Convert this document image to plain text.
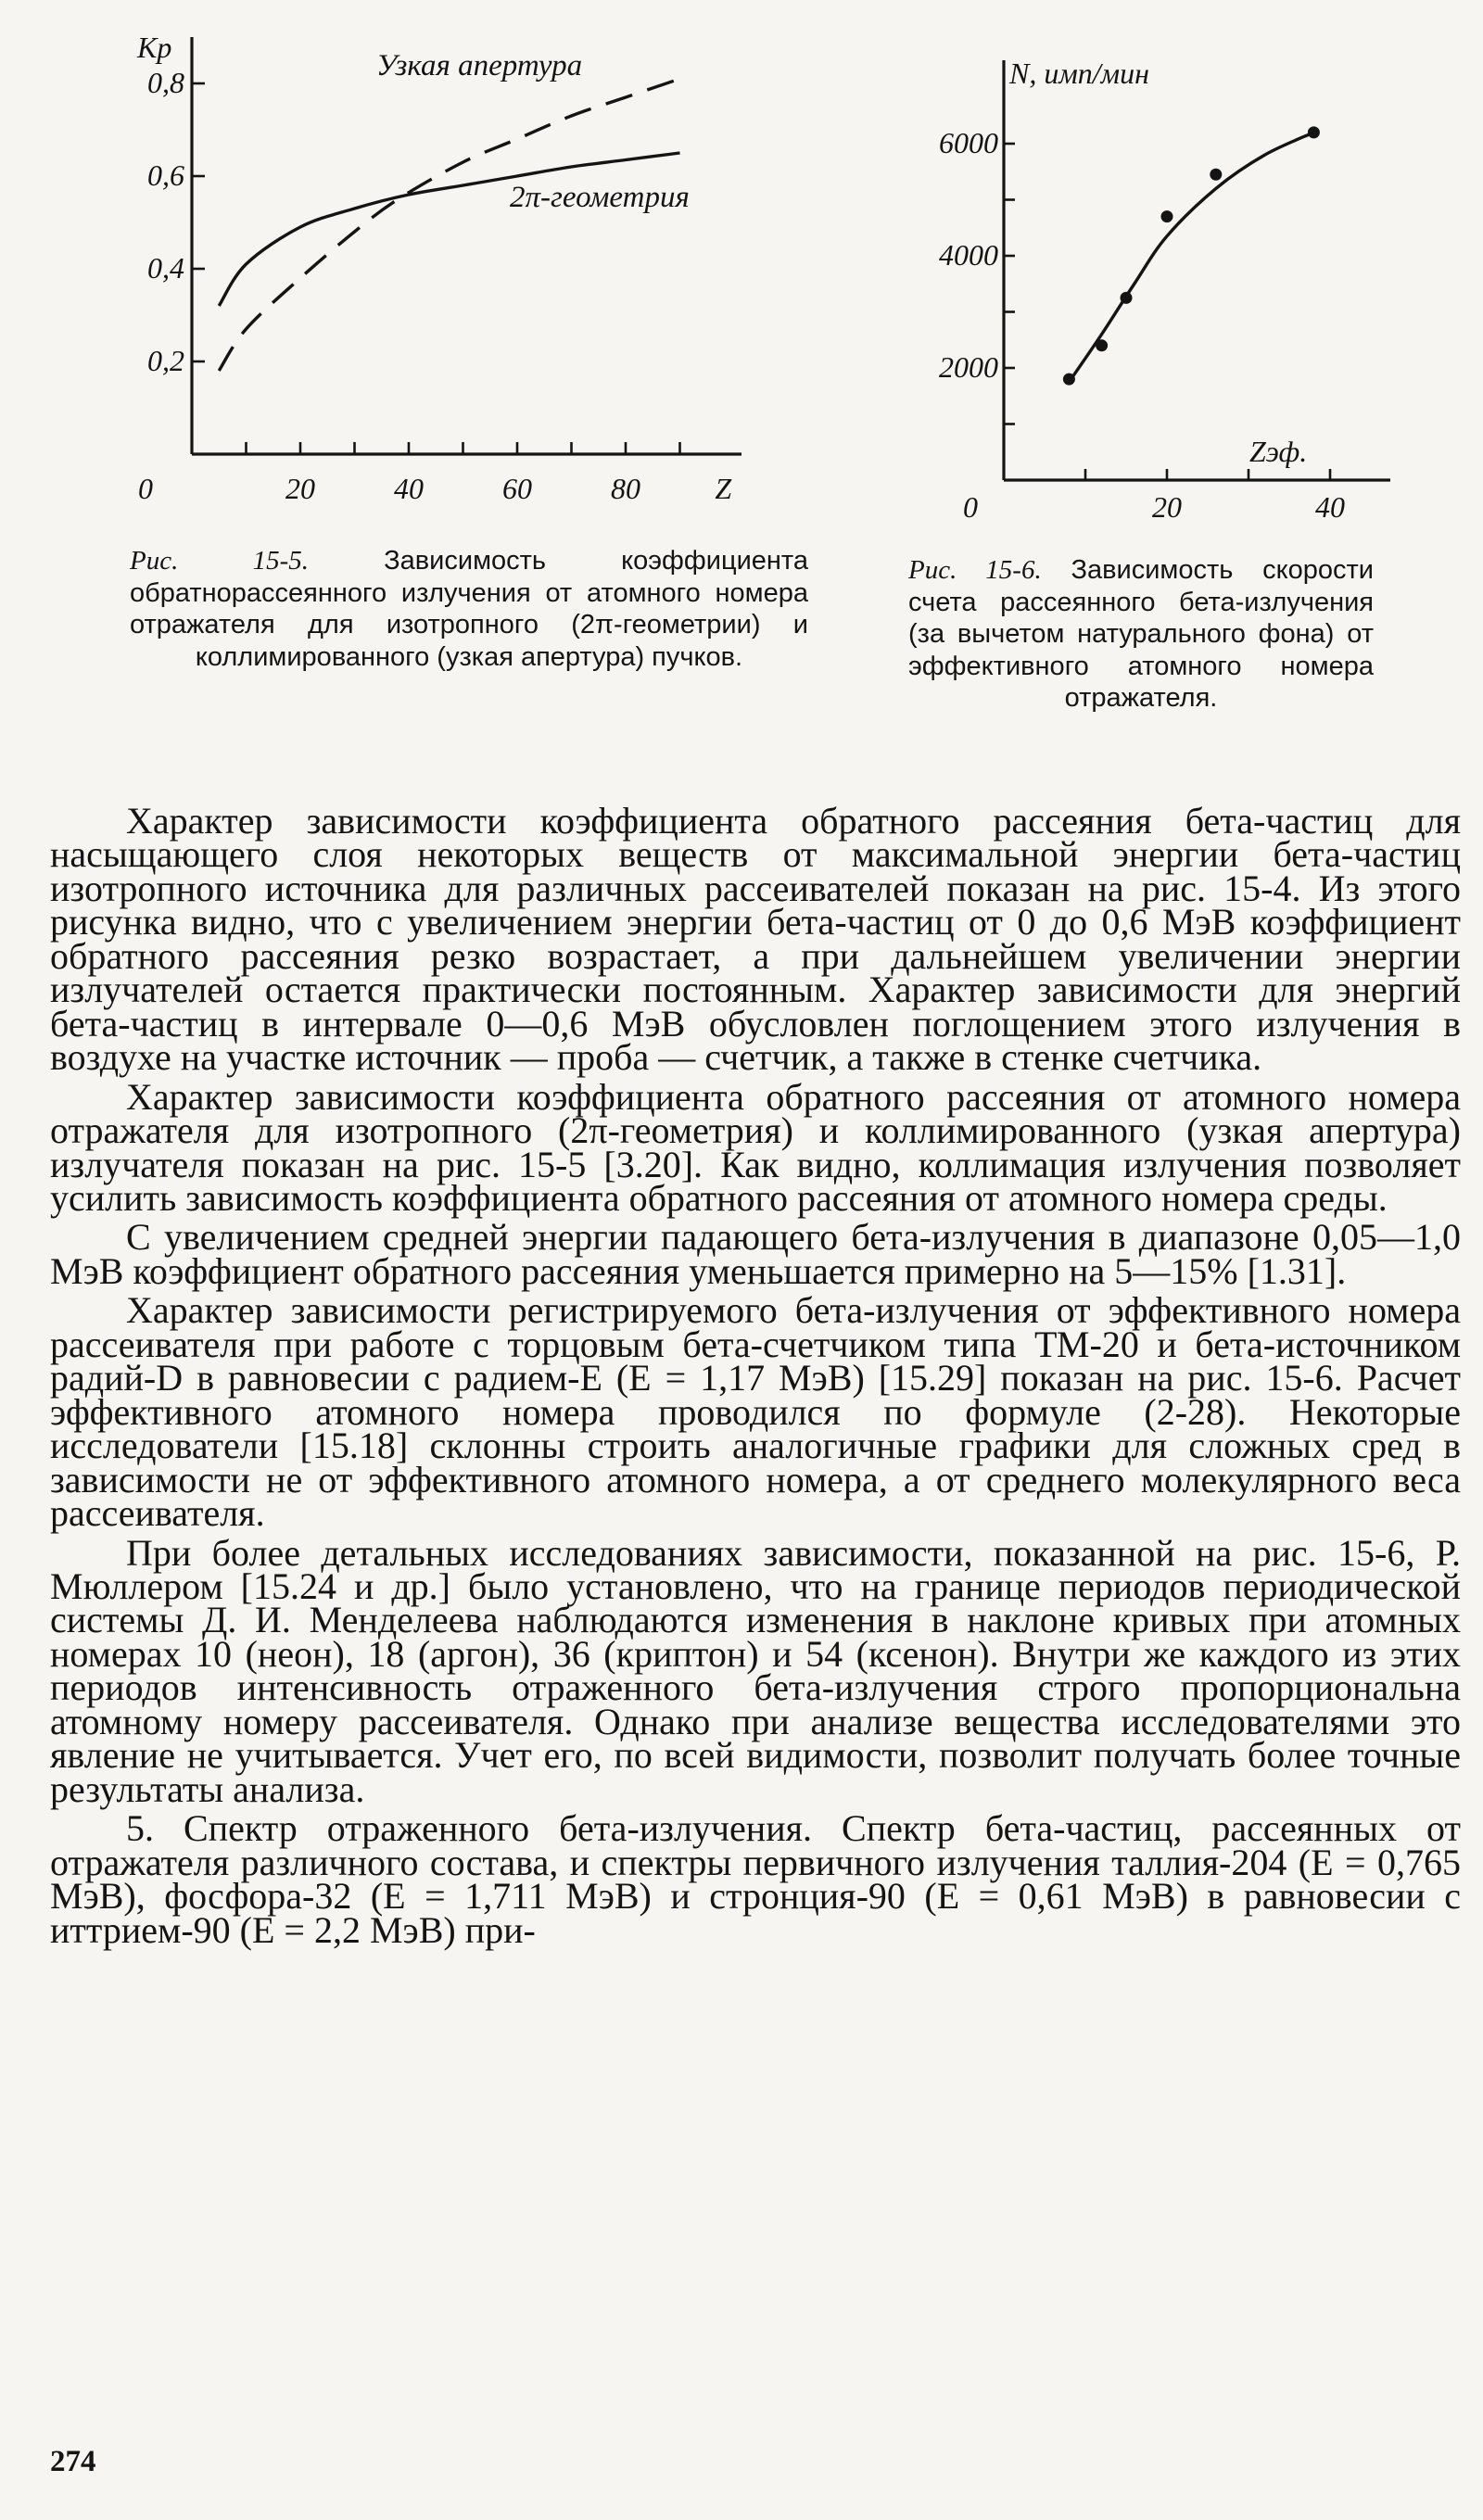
Kр
0,2
0,4
0,6
0,8
0	20	40	60	80	Z
Узкая апертура
2π-геометрия
Рис. 15-5.	Зависимость коэффициента обратнорассеянного излучения от атомного номера отражателя для изотропного (2π-геометрии) и коллимированного (узкая апертура) пучков.
N, имп/мин
Zэф.
2000
4000
6000
0	20	40
Рис. 15-6. Зависимость скорости счета рассеянного бета-излучения (за вычетом натурального фона) от эффективного атомного номера отражателя.

Характер зависимости коэффициента обратного рассеяния бета-частиц для насыщающего слоя некоторых веществ от максимальной энергии бета-частиц изотропного источника для различных рассеивателей показан на рис. 15-4. Из этого рисунка видно, что с увеличением энергии бета-частиц от 0 до 0,6 МэВ коэффициент обратного рассеяния резко возрастает, а при дальнейшем увеличении энергии излучателей остается практически постоянным. Характер зависимости для энергий бета-частиц в интервале 0—0,6 МэВ обусловлен поглощением этого излучения в воздухе на участке источник — проба — счетчик, а также в стенке счетчика.

Характер зависимости коэффициента обратного рассеяния от атомного номера отражателя для изотропного (2π-геометрия) и коллимированного (узкая апертура) излучателя показан на рис. 15-5 [3.20]. Как видно, коллимация излучения позволяет усилить зависимость коэффициента обратного рассеяния от атомного номера среды.

С увеличением средней энергии падающего бета-излучения в диапазоне 0,05—1,0 МэВ коэффициент обратного рассеяния уменьшается примерно на 5—15% [1.31].

Характер зависимости регистрируемого бета-излучения от эффективного номера рассеивателя при работе с торцовым бета-счетчиком типа ТМ-20 и бета-источником радий-D в равновесии с радием-E (E = 1,17 МэВ) [15.29] показан на рис. 15-6. Расчет эффективного атомного номера проводился по формуле (2-28). Некоторые исследователи [15.18] склонны строить аналогичные графики для сложных сред в зависимости не от эффективного атомного номера, а от среднего молекулярного веса рассеивателя.

При более детальных исследованиях зависимости, показанной на рис. 15-6, Р. Мюллером [15.24 и др.] было установлено, что на границе периодов периодической системы Д. И. Менделеева наблюдаются изменения в наклоне кривых при атомных номерах 10 (неон), 18 (аргон), 36 (криптон) и 54 (ксенон). Внутри же каждого из этих периодов интенсивность отраженного бета-излучения строго пропорциональна атомному номеру рассеивателя. Однако при анализе вещества исследователями это явление не учитывается. Учет его, по всей видимости, позволит получать более точные результаты анализа.

5. Спектр отраженного бета-излучения. Спектр бета-частиц, рассеянных от отражателя различного состава, и спектры первичного излучения таллия-204 (E = 0,765 МэВ), фосфора-32 (E = 1,711 МэВ) и стронция-90 (E = 0,61 МэВ) в равновесии с иттрием-90 (E = 2,2 МэВ) при-

274
